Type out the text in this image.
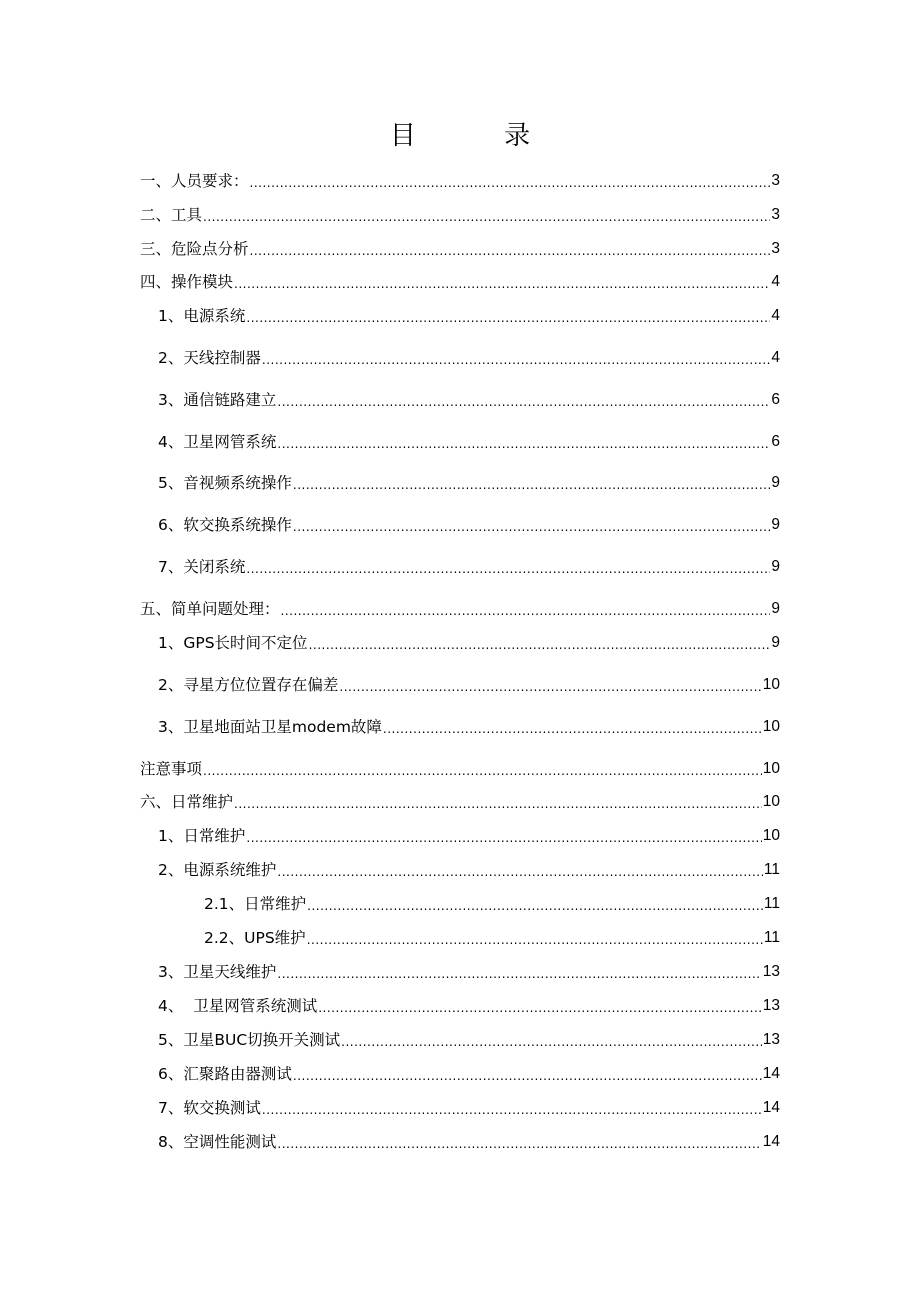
目 录
一、人员要求： .....	3
二、工具 .....	3
三、危险点分析 .....	3
四、操作模块 .....	4
1、电源系统 .....	4
2、天线控制器 .....	4
3、通信链路建立 .....	6
4、卫星网管系统 .....	6
5、音视频系统操作 .....	9
6、软交换系统操作 .....	9
7、关闭系统 .....	9
五、简单问题处理： .....	9
1、GPS长时间不定位 .....	9
2、寻星方位位置存在偏差 .....	10
3、卫星地面站卫星modem故障 .....	10
注意事项 .....	10
六、日常维护 .....	10
1、日常维护 .....	10
2、电源系统维护 .....	11
2.1、日常维护 .....	11
2.2、UPS维护 .....	11
3、卫星天线维护 .....	13
4、  卫星网管系统测试 .....	13
5、卫星BUC切换开关测试 .....	13
6、汇聚路由器测试 .....	14
7、软交换测试 .....	14
8、空调性能测试 .....	14
